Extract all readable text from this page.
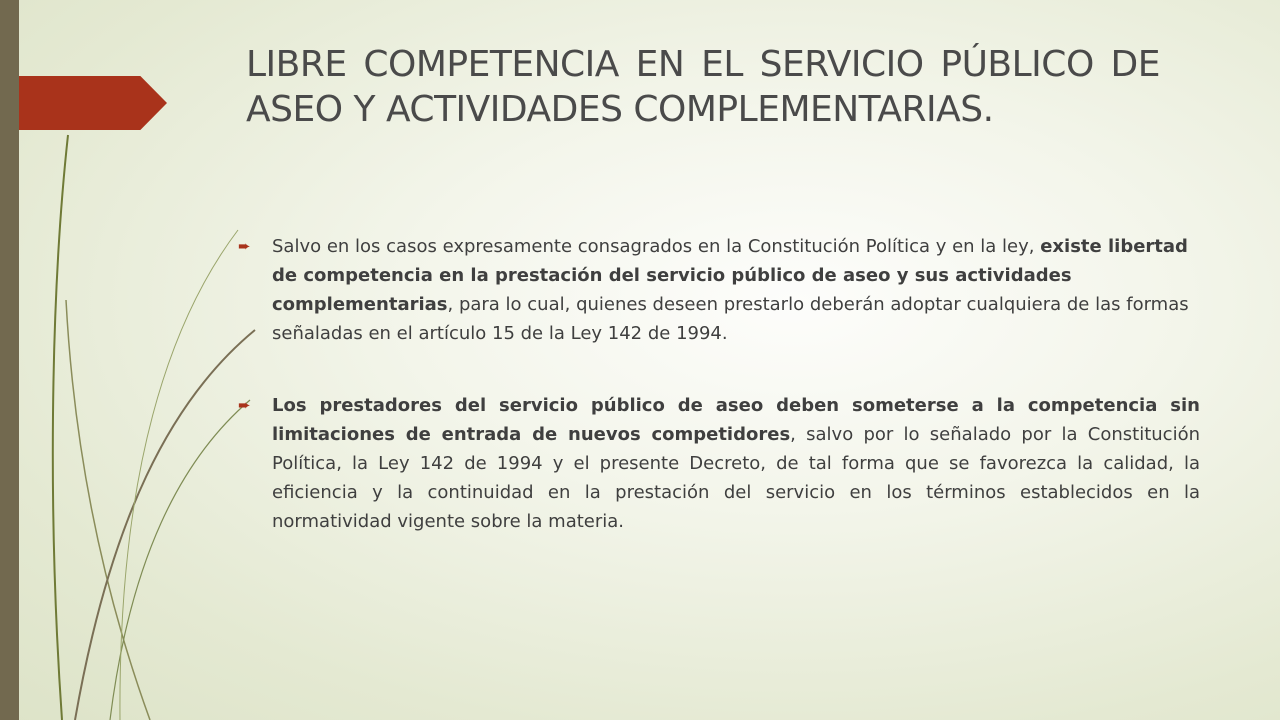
LIBRE COMPETENCIA EN EL SERVICIO PÚBLICO DE ASEO Y ACTIVIDADES COMPLEMENTARIAS.
➨ Salvo en los casos expresamente consagrados en la Constitución Política y en la ley, existe libertad de competencia en la prestación del servicio público de aseo y sus actividades complementarias, para lo cual, quienes deseen prestarlo deberán adoptar cualquiera de las formas señaladas en el artículo 15 de la Ley 142 de 1994.
➨ Los prestadores del servicio público de aseo deben someterse a la competencia sin limitaciones de entrada de nuevos competidores, salvo por lo señalado por la Constitución Política, la Ley 142 de 1994 y el presente Decreto, de tal forma que se favorezca la calidad, la eficiencia y la continuidad en la prestación del servicio en los términos establecidos en la normatividad vigente sobre la materia.
